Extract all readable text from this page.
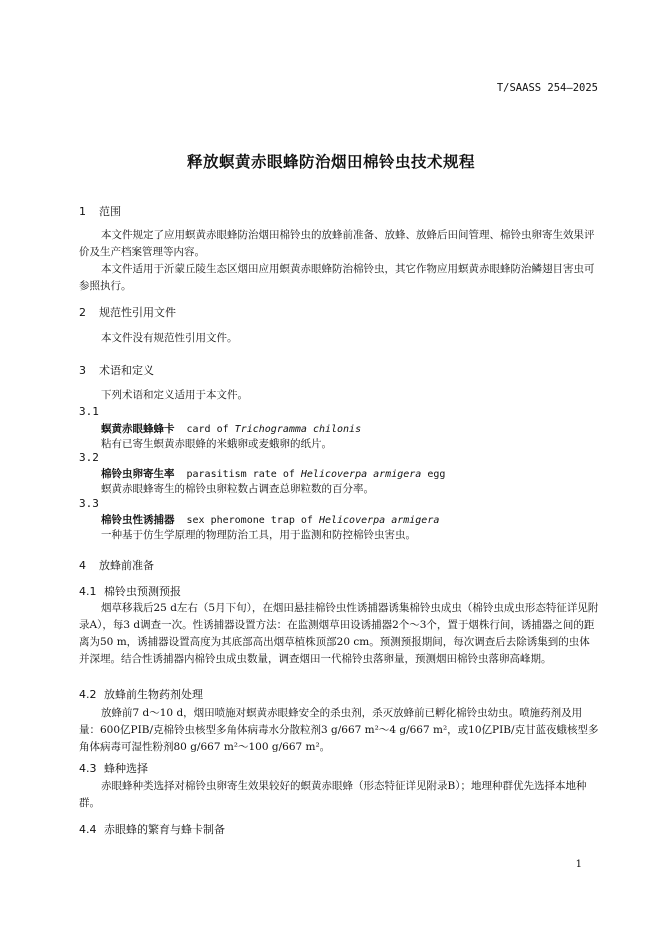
T/SAASS 254—2025
释放螟黄赤眼蜂防治烟田棉铃虫技术规程
1 范围
本文件规定了应用螟黄赤眼蜂防治烟田棉铃虫的放蜂前准备、放蜂、放蜂后田间管理、棉铃虫卵寄生效果评价及生产档案管理等内容。
本文件适用于沂蒙丘陵生态区烟田应用螟黄赤眼蜂防治棉铃虫，其它作物应用螟黄赤眼蜂防治鳞翅目害虫可参照执行。
2 规范性引用文件
本文件没有规范性引用文件。
3 术语和定义
下列术语和定义适用于本文件。
3.1
螟黄赤眼蜂蜂卡 card of Trichogramma chilonis
粘有已寄生螟黄赤眼蜂的米蛾卵或麦蛾卵的纸片。
3.2
棉铃虫卵寄生率 parasitism rate of Helicoverpa armigera egg
螟黄赤眼蜂寄生的棉铃虫卵粒数占调查总卵粒数的百分率。
3.3
棉铃虫性诱捕器 sex pheromone trap of Helicoverpa armigera
一种基于仿生学原理的物理防治工具，用于监测和防控棉铃虫害虫。
4 放蜂前准备
4.1 棉铃虫预测预报
烟草移栽后25 d左右（5月下旬），在烟田悬挂棉铃虫性诱捕器诱集棉铃虫成虫（棉铃虫成虫形态特征详见附录A），每3 d调查一次。性诱捕器设置方法：在监测烟草田设诱捕器2个～3个，置于烟株行间，诱捕器之间的距离为50 m，诱捕器设置高度为其底部高出烟草植株顶部20 cm。预测预报期间，每次调查后去除诱集到的虫体并深埋。结合性诱捕器内棉铃虫成虫数量，调查烟田一代棉铃虫落卵量，预测烟田棉铃虫落卵高峰期。
4.2 放蜂前生物药剂处理
放蜂前7 d～10 d，烟田喷施对螟黄赤眼蜂安全的杀虫剂，杀灭放蜂前已孵化棉铃虫幼虫。喷施药剂及用量：600亿PIB/克棉铃虫核型多角体病毒水分散粒剂3 g/667 m²～4 g/667 m²，或10亿PIB/克甘蓝夜蛾核型多角体病毒可湿性粉剂80 g/667 m²～100 g/667 m²。
4.3 蜂种选择
赤眼蜂种类选择对棉铃虫卵寄生效果较好的螟黄赤眼蜂（形态特征详见附录B）；地理种群优先选择本地种群。
4.4 赤眼蜂的繁育与蜂卡制备
1
